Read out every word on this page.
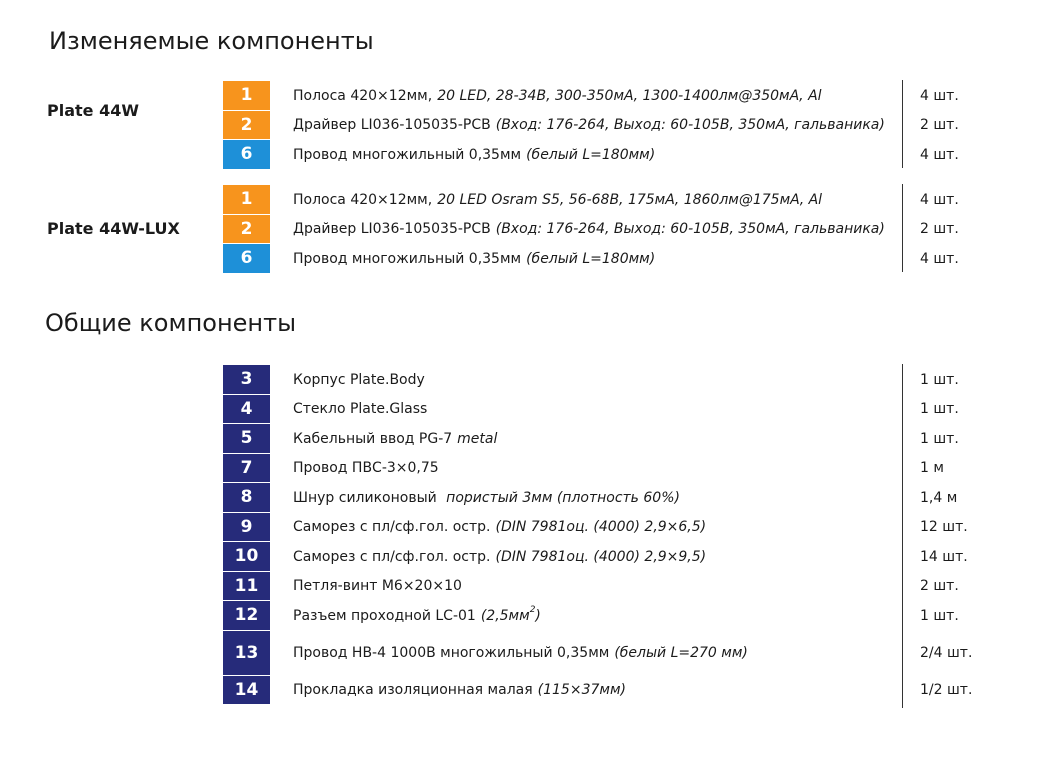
Изменяемые компоненты
Plate 44W
1	Полоса 420×12мм, 20 LED, 28-34В, 300-350мА, 1300-1400лм@350мА, Al	4 шт.
2	Драйвер LI036-105035-PCB (Вход: 176-264, Выход: 60-105В, 350мА, гальваника)	2 шт.
6	Провод многожильный 0,35мм (белый L=180мм)	4 шт.
Plate 44W-LUX
1	Полоса 420×12мм, 20 LED Osram S5, 56-68В, 175мА, 1860лм@175мА, Al	4 шт.
2	Драйвер LI036-105035-PCB (Вход: 176-264, Выход: 60-105В, 350мА, гальваника)	2 шт.
6	Провод многожильный 0,35мм (белый L=180мм)	4 шт.
Общие компоненты
3	Корпус Plate.Body	1 шт.
4	Стекло Plate.Glass	1 шт.
5	Кабельный ввод PG-7 metal	1 шт.
7	Провод ПВС-3×0,75	1 м
8	Шнур силиконовый пористый 3мм (плотность 60%)	1,4 м
9	Саморез с пл/сф.гол. остр. (DIN 7981оц. (4000) 2,9×6,5)	12 шт.
10	Саморез с пл/сф.гол. остр. (DIN 7981оц. (4000) 2,9×9,5)	14 шт.
11	Петля-винт М6×20×10	2 шт.
12	Разъем проходной LC-01 (2,5мм 2 )	1 шт.
13	Провод НВ-4 1000В многожильный 0,35мм (белый L=270 мм)	2/4 шт.
14	Прокладка изоляционная малая (115×37мм)	1/2 шт.
